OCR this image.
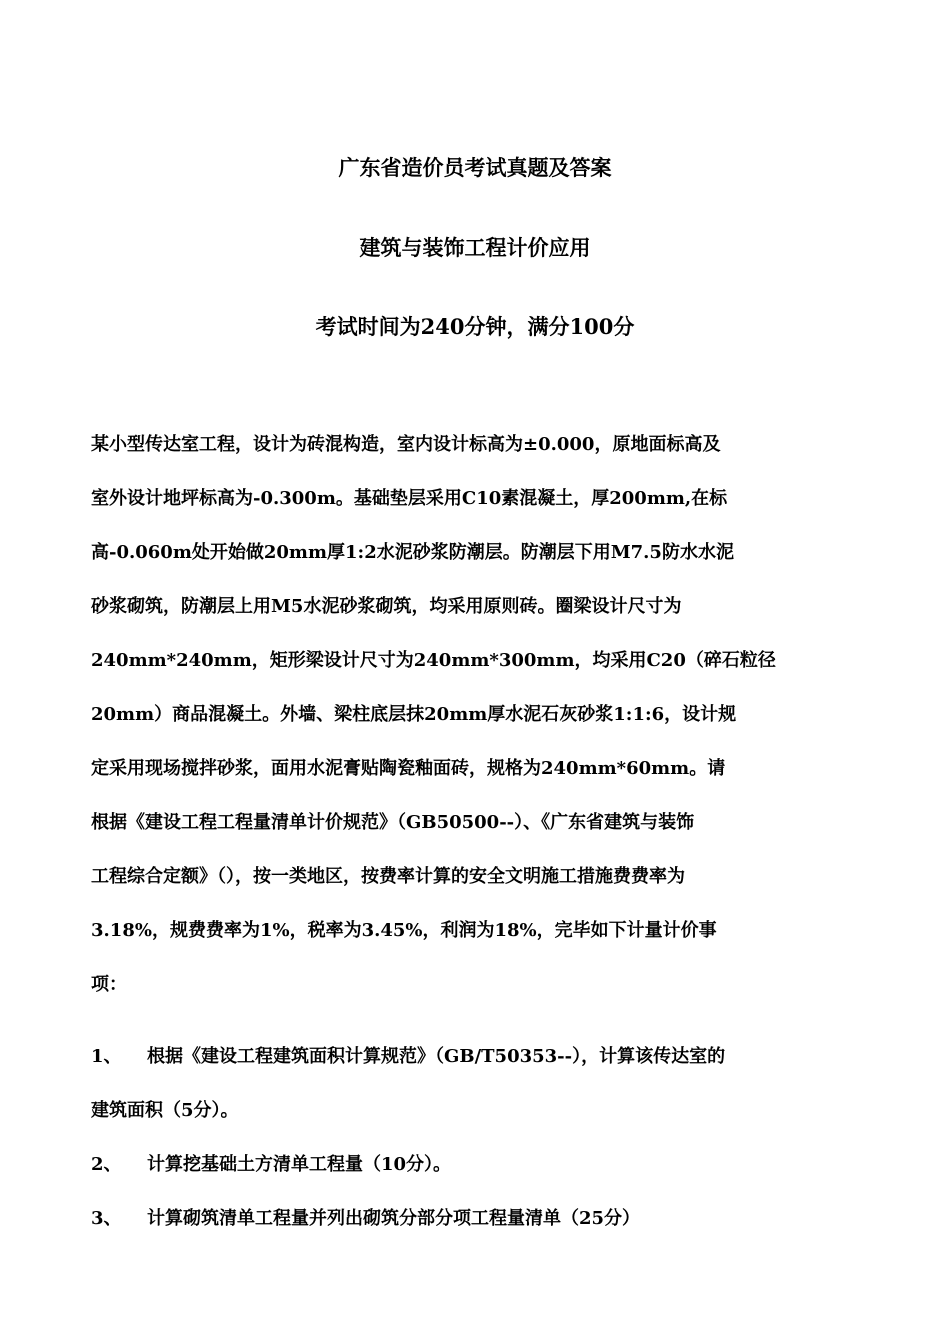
广东省造价员考试真题及答案
建筑与装饰工程计价应用
考试时间为240分钟，满分100分
某小型传达室工程，设计为砖混构造，室内设计标高为±0.000，原地面标高及
室外设计地坪标高为-0.300m。基础垫层采用C10素混凝土，厚200mm,在标
高-0.060m处开始做20mm厚1:2水泥砂浆防潮层。防潮层下用M7.5防水水泥
砂浆砌筑，防潮层上用M5水泥砂浆砌筑，均采用原则砖。圈梁设计尺寸为
240mm*240mm，矩形梁设计尺寸为240mm*300mm，均采用C20（碎石粒径
20mm）商品混凝土。外墙、梁柱底层抹20mm厚水泥石灰砂浆1:1:6，设计规
定采用现场搅拌砂浆，面用水泥膏贴陶瓷釉面砖，规格为240mm*60mm。请
根据《建设工程工程量清单计价规范》（GB50500--）、《广东省建筑与装饰
工程综合定额》（），按一类地区，按费率计算的安全文明施工措施费费率为
3.18%，规费费率为1%，税率为3.45%，利润为18%，完毕如下计量计价事
项：
1、 根据《建设工程建筑面积计算规范》（GB/T50353--），计算该传达室的
建筑面积（5分）。
2、 计算挖基础土方清单工程量（10分）。
3、 计算砌筑清单工程量并列出砌筑分部分项工程量清单（25分）
